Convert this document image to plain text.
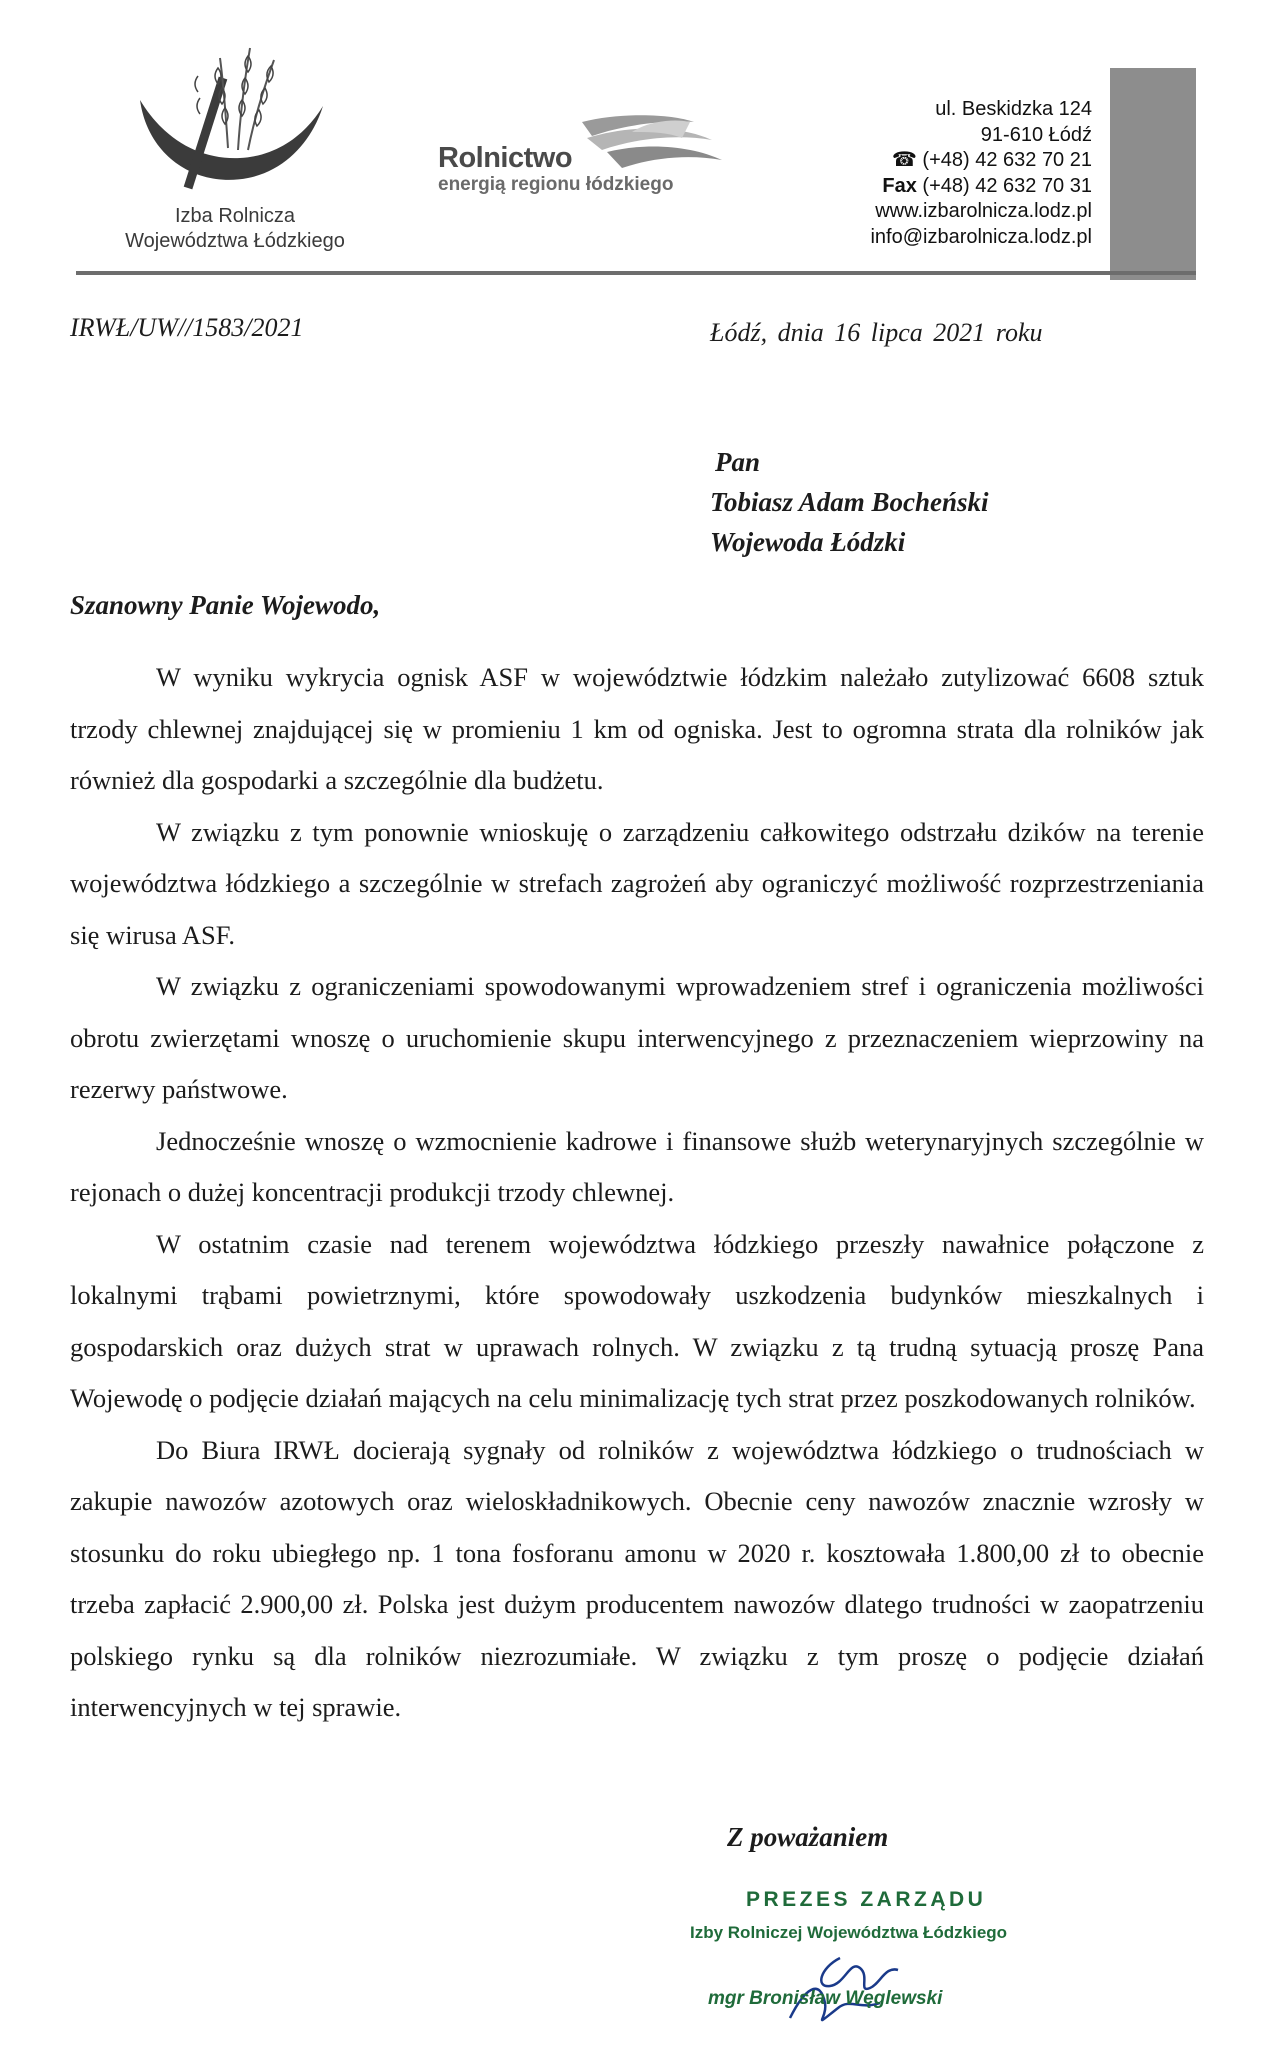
Izba Rolnicza
Województwa Łódzkiego
Rolnictwo
energią regionu łódzkiego
ul. Beskidzka 124
91-610 Łódź
☎ (+48) 42 632 70 21
Fax (+48) 42 632 70 31
www.izbarolnicza.lodz.pl
info@izbarolnicza.lodz.pl
IRWŁ/UW//1583/2021	Łódź, dnia 16 lipca 2021 roku
Pan
Tobiasz Adam Bocheński
Wojewoda Łódzki
Szanowny Panie Wojewodo,

W wyniku wykrycia ognisk ASF w województwie łódzkim należało zutylizować 6608 sztuk trzody chlewnej znajdującej się w promieniu 1 km od ogniska. Jest to ogromna strata dla rolników jak również dla gospodarki a szczególnie dla budżetu.

W związku z tym ponownie wnioskuję o zarządzeniu całkowitego odstrzału dzików na terenie województwa łódzkiego a szczególnie w strefach zagrożeń aby ograniczyć możliwość rozprzestrzeniania się wirusa ASF.

W związku z ograniczeniami spowodowanymi wprowadzeniem stref i ograniczenia możliwości obrotu zwierzętami wnoszę o uruchomienie skupu interwencyjnego z przeznaczeniem wieprzowiny na rezerwy państwowe.

Jednocześnie wnoszę o wzmocnienie kadrowe i finansowe służb weterynaryjnych szczególnie w rejonach o dużej koncentracji produkcji trzody chlewnej.

W ostatnim czasie nad terenem województwa łódzkiego przeszły nawałnice połączone z lokalnymi trąbami powietrznymi, które spowodowały uszkodzenia budynków mieszkalnych i gospodarskich oraz dużych strat w uprawach rolnych. W związku z tą trudną sytuacją proszę Pana Wojewodę o podjęcie działań mających na celu minimalizację tych strat przez poszkodowanych rolników.

Do Biura IRWŁ docierają sygnały od rolników z województwa łódzkiego o trudnościach w zakupie nawozów azotowych oraz wieloskładnikowych. Obecnie ceny nawozów znacznie wzrosły w stosunku do roku ubiegłego np. 1 tona fosforanu amonu w 2020 r. kosztowała 1.800,00 zł to obecnie trzeba zapłacić 2.900,00 zł. Polska jest dużym producentem nawozów dlatego trudności w zaopatrzeniu polskiego rynku są dla rolników niezrozumiałe. W związku z tym proszę o podjęcie działań interwencyjnych w tej sprawie.

Z poważaniem
PREZES ZARZĄDU
Izby Rolniczej Województwa Łódzkiego
mgr Bronisław Węglewski
